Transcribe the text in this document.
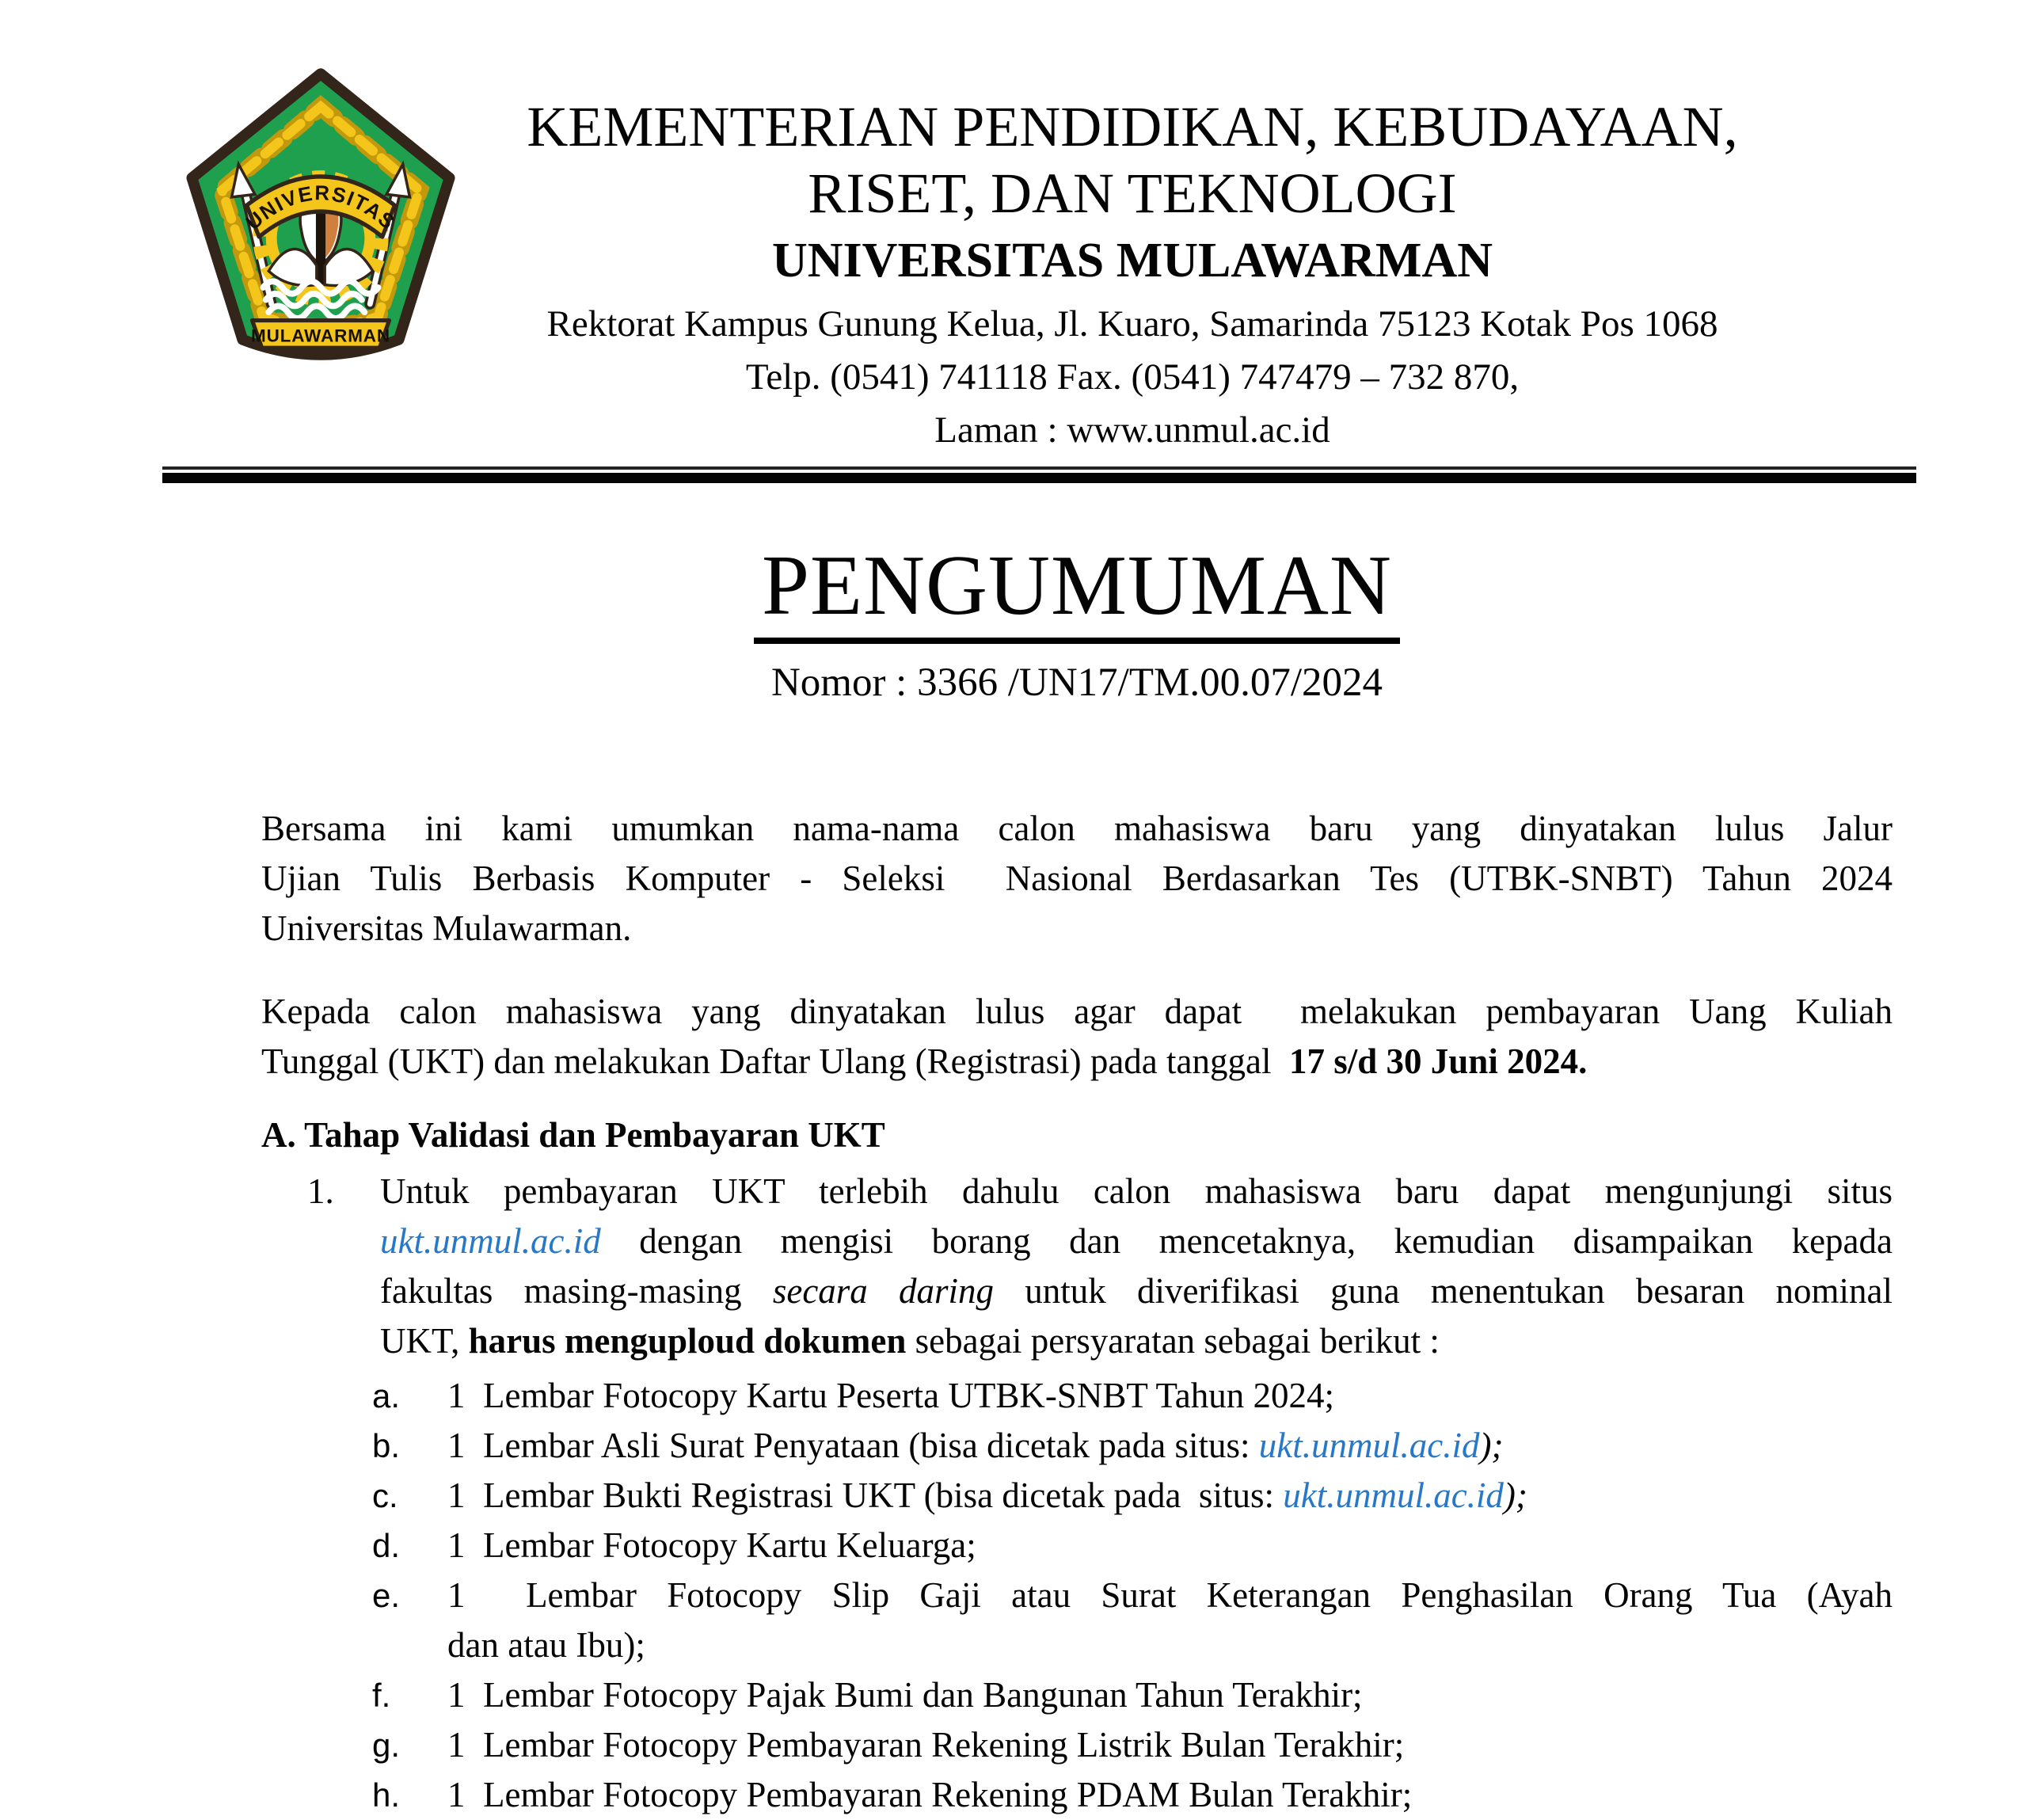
UNIVERSITAS
MULAWARMAN
KEMENTERIAN PENDIDIKAN, KEBUDAYAAN,
RISET, DAN TEKNOLOGI
UNIVERSITAS MULAWARMAN
Rektorat Kampus Gunung Kelua, Jl. Kuaro, Samarinda 75123 Kotak Pos 1068
Telp. (0541) 741118 Fax. (0541) 747479 – 732 870,
Laman : www.unmul.ac.id
PENGUMUMAN
Nomor : 3366 /UN17/TM.00.07/2024
Bersama ini kami umumkan nama-nama calon mahasiswa baru yang dinyatakan lulus Jalur
Ujian Tulis Berbasis Komputer - Seleksi  Nasional Berdasarkan Tes (UTBK-SNBT) Tahun 2024
Universitas Mulawarman.
Kepada calon mahasiswa yang dinyatakan lulus agar dapat  melakukan pembayaran Uang Kuliah
Tunggal (UKT) dan melakukan Daftar Ulang (Registrasi) pada tanggal  17 s/d 30 Juni 2024.
A. Tahap Validasi dan Pembayaran UKT
1.	Untuk pembayaran UKT terlebih dahulu calon mahasiswa baru dapat mengunjungi situs
ukt.unmul.ac.id dengan mengisi borang dan mencetaknya, kemudian disampaikan kepada
fakultas masing-masing secara daring untuk diverifikasi guna menentukan besaran nominal
UKT, harus menguploud dokumen sebagai persyaratan sebagai berikut :
a.	1  Lembar Fotocopy Kartu Peserta UTBK-SNBT Tahun 2024;
b.	1  Lembar Asli Surat Penyataan (bisa dicetak pada situs: ukt.unmul.ac.id);
c.	1  Lembar Bukti Registrasi UKT (bisa dicetak pada  situs: ukt.unmul.ac.id);
d.	1  Lembar Fotocopy Kartu Keluarga;
e.	1  Lembar Fotocopy Slip Gaji atau Surat Keterangan Penghasilan Orang Tua (Ayah
dan atau Ibu);
f.	1  Lembar Fotocopy Pajak Bumi dan Bangunan Tahun Terakhir;
g.	1  Lembar Fotocopy Pembayaran Rekening Listrik Bulan Terakhir;
h.	1  Lembar Fotocopy Pembayaran Rekening PDAM Bulan Terakhir;
